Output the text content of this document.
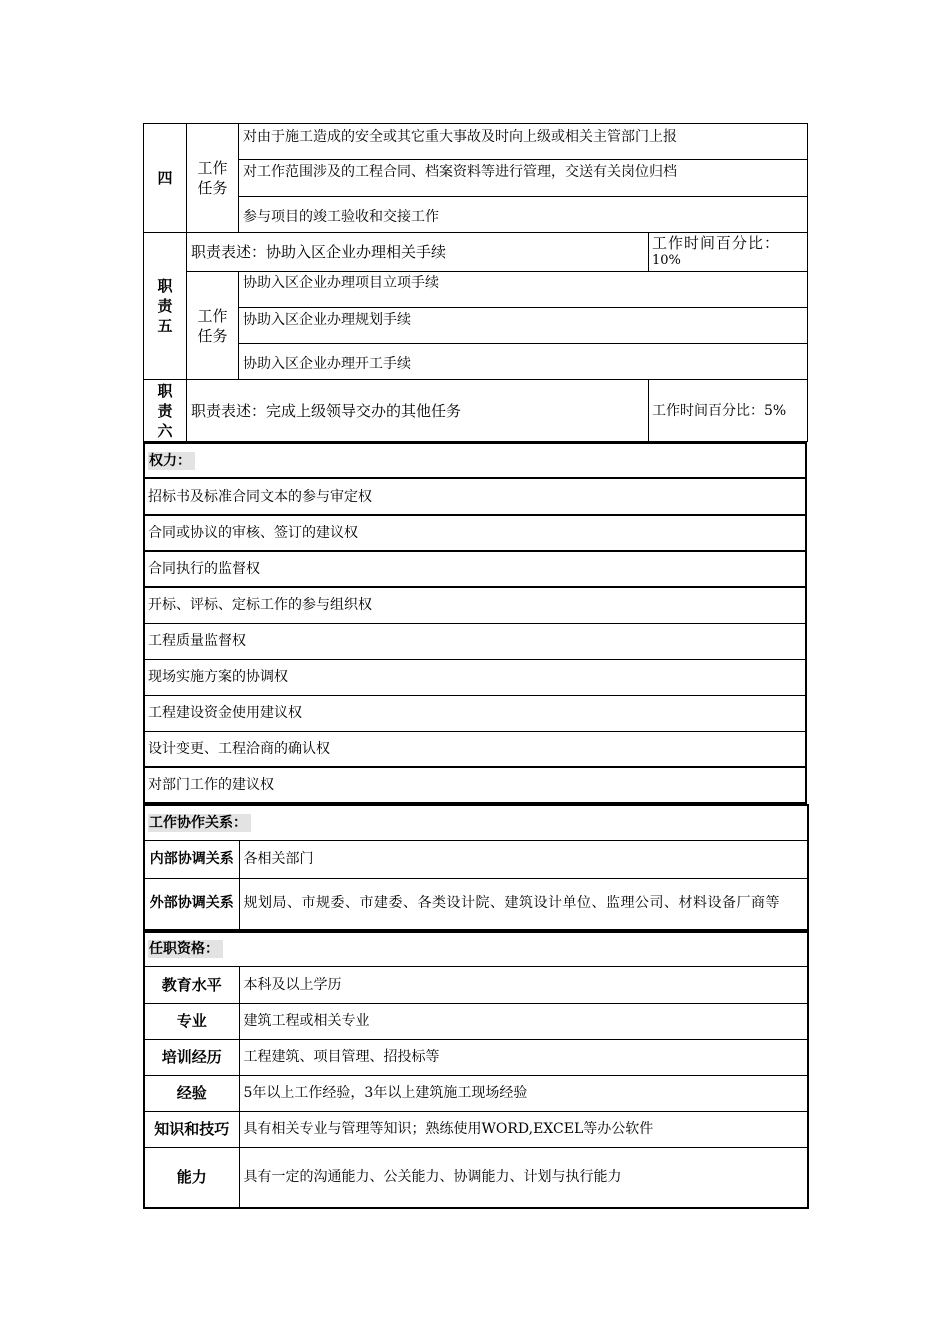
四	工作任务	对由于施工造成的安全或其它重大事故及时向上级或相关主管部门上报	
		对工作范围涉及的工程合同、档案资料等进行管理，交送有关岗位归档	
		参与项目的竣工验收和交接工作	
职责五	职责表述：协助入区企业办理相关手续		工作时间百分比：
10%

	工作任务	协助入区企业办理项目立项手续	
		协助入区企业办理规划手续	
		协助入区企业办理开工手续	
职责六	职责表述：完成上级领导交办的其他任务		工作时间百分比：5%
权力：
招标书及标准合同文本的参与审定权
合同或协议的审核、签订的建议权
合同执行的监督权
开标、评标、定标工作的参与组织权
工程质量监督权
现场实施方案的协调权
工程建设资金使用建议权
设计变更、工程洽商的确认权
对部门工作的建议权
工作协作关系：	
内部协调关系	各相关部门
外部协调关系	规划局、市规委、市建委、各类设计院、建筑设计单位、监理公司、材料设备厂商等
任职资格：	
教育水平	本科及以上学历
专业	建筑工程或相关专业
培训经历	工程建筑、项目管理、招投标等
经验	5年以上工作经验，3年以上建筑施工现场经验
知识和技巧	具有相关专业与管理等知识；熟练使用WORD,EXCEL等办公软件
能力	具有一定的沟通能力、公关能力、协调能力、计划与执行能力
